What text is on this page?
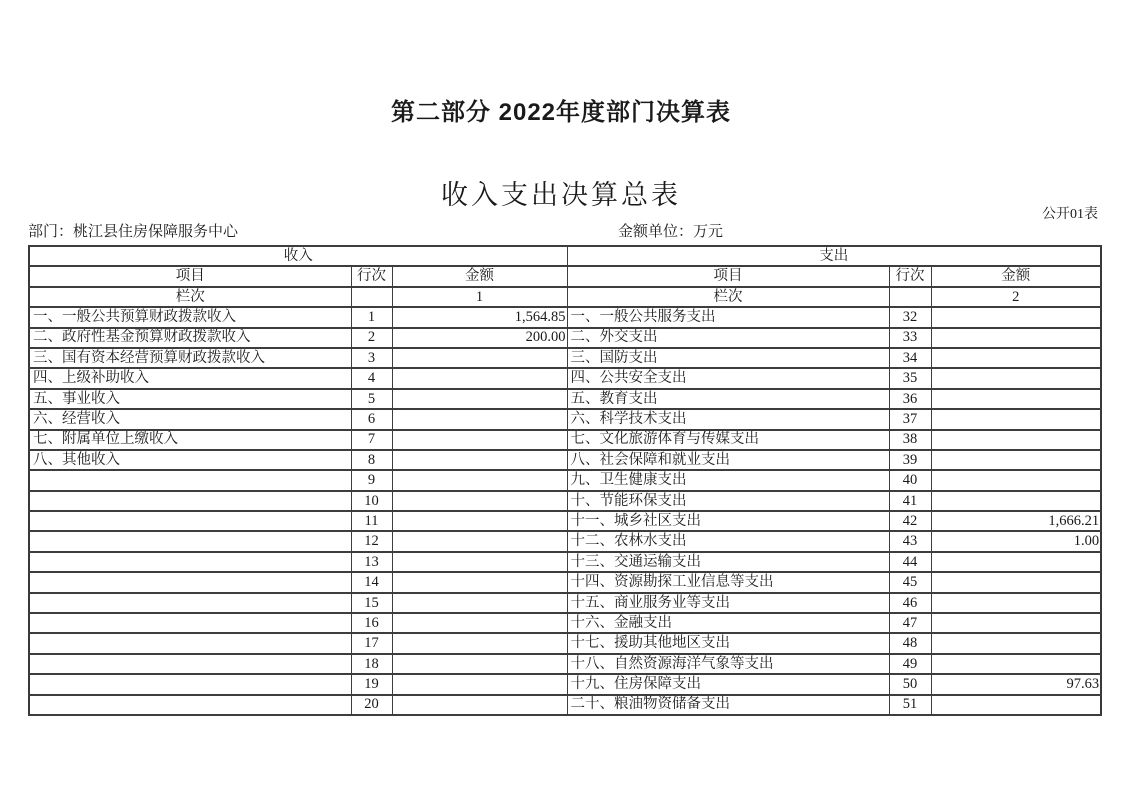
第二部分 2022年度部门决算表
收入支出决算总表
公开01表
部门：桃江县住房保障服务中心	金额单位：万元
收入			支出		
项目	行次	金额	项目	行次	金额
栏次		1	栏次		2
一、一般公共预算财政拨款收入	1	1,564.85	一、一般公共服务支出	32	
二、政府性基金预算财政拨款收入	2	200.00	二、外交支出	33	
三、国有资本经营预算财政拨款收入	3		三、国防支出	34	
四、上级补助收入	4		四、公共安全支出	35	
五、事业收入	5		五、教育支出	36	
六、经营收入	6		六、科学技术支出	37	
七、附属单位上缴收入	7		七、文化旅游体育与传媒支出	38	
八、其他收入	8		八、社会保障和就业支出	39	
	9		九、卫生健康支出	40	
	10		十、节能环保支出	41	
	11		十一、城乡社区支出	42	1,666.21
	12		十二、农林水支出	43	1.00
	13		十三、交通运输支出	44	
	14		十四、资源勘探工业信息等支出	45	
	15		十五、商业服务业等支出	46	
	16		十六、金融支出	47	
	17		十七、援助其他地区支出	48	
	18		十八、自然资源海洋气象等支出	49	
	19		十九、住房保障支出	50	97.63
	20		二十、粮油物资储备支出	51	
